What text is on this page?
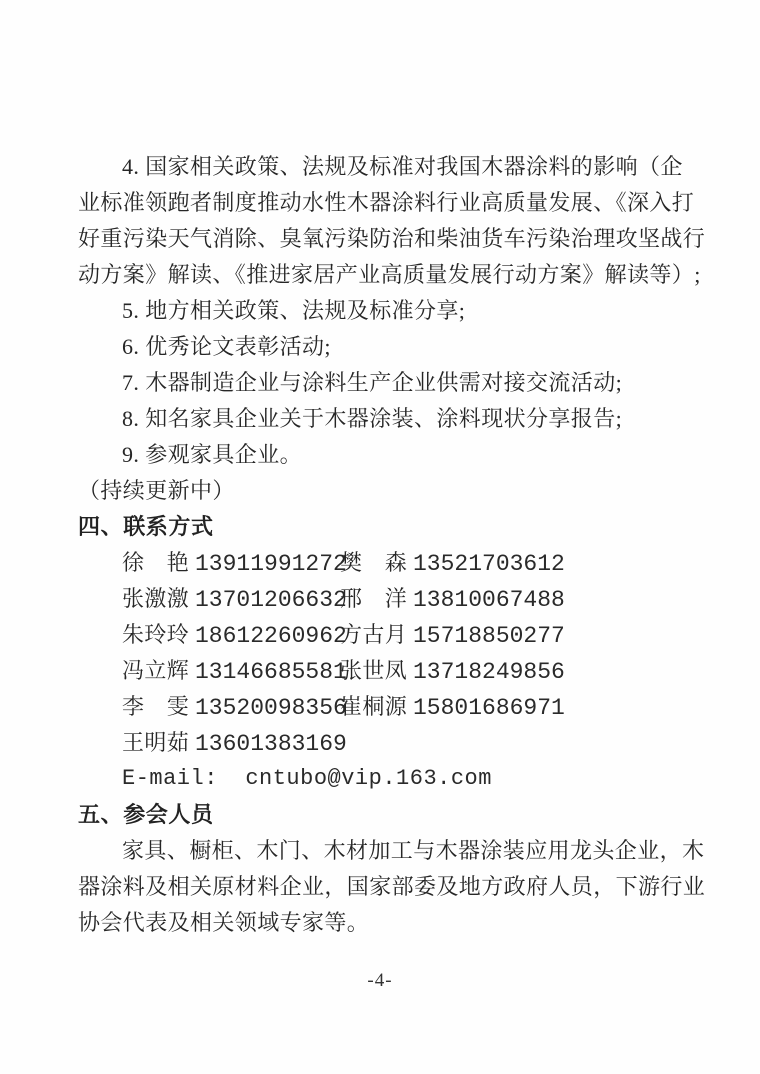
4. 国家相关政策、法规及标准对我国木器涂料的影响（企
业标准领跑者制度推动水性木器涂料行业高质量发展、《深入打
好重污染天气消除、臭氧污染防治和柴油货车污染治理攻坚战行
动方案》解读、《推进家居产业高质量发展行动方案》解读等）;
5. 地方相关政策、法规及标准分享;
6. 优秀论文表彰活动;
7. 木器制造企业与涂料生产企业供需对接交流活动;
8. 知名家具企业关于木器涂装、涂料现状分享报告;
9. 参观家具企业。
（持续更新中）
四、联系方式
徐　艳 13911991272樊　森 13521703612
张激激 13701206632邢　洋 13810067488
朱玲玲 18612260962方古月 15718850277
冯立辉 13146685581张世凤 13718249856
李　雯 13520098356崔桐源 15801686971
王明茹 13601383169
E-mail:  cntubo@vip.163.com
五、参会人员
家具、橱柜、木门、木材加工与木器涂装应用龙头企业，木
器涂料及相关原材料企业，国家部委及地方政府人员，下游行业
协会代表及相关领域专家等。
-4-
